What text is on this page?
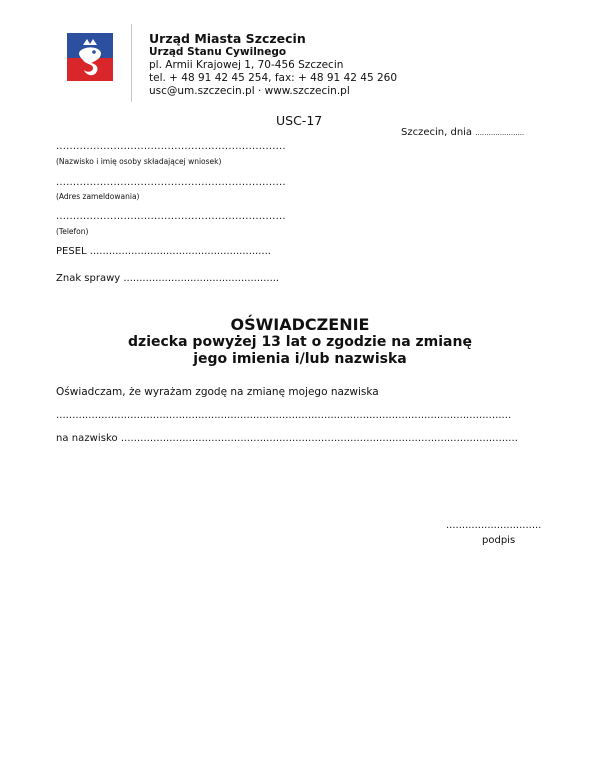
Urząd Miasta Szczecin
Urząd Stanu Cywilnego
pl. Armii Krajowej 1, 70-456 Szczecin
tel. + 48 91 42 45 254, fax: + 48 91 42 45 260
usc@um.szczecin.pl · www.szczecin.pl
USC-17
Szczecin, dnia ......................
....................................................................
(Nazwisko i imię osoby składającej wniosek)
....................................................................
(Adres zameldowania)
....................................................................
(Telefon)
PESEL .........................................................
Znak sprawy .................................................
OŚWIADCZENIE
dziecka powyżej 13 lat o zgodzie na zmianę
jego imienia i/lub nazwiska
Oświadczam, że wyrażam zgodę na zmianę mojego nazwiska
.............................................................................................................................................
na nazwisko ...........................................................................................................................
..............................
podpis
